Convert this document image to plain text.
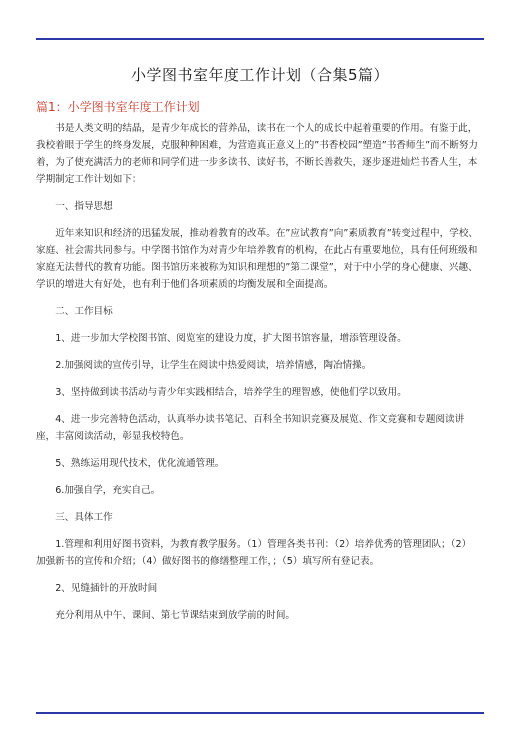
小学图书室年度工作计划（合集5篇）
篇1：小学图书室年度工作计划

书是人类文明的结晶，是青少年成长的营养品，读书在一个人的成长中起着重要的作用。有鉴于此，我校着眼于学生的终身发展，克服种种困难，为营造真正意义上的”书香校园”塑造”书香师生”而不断努力着，为了使充满活力的老师和同学们进一步多读书、读好书，不断长善救失，逐步逐进灿烂书香人生，本学期制定工作计划如下：

一、指导思想

近年来知识和经济的迅猛发展，推动着教育的改革。在”应试教育”向”素质教育”转变过程中，学校、家庭、社会需共同参与。中学图书馆作为对青少年培养教育的机构，在此占有重要地位，具有任何班级和家庭无法替代的教育功能。图书馆历来被称为知识和理想的”第二课堂”，对于中小学的身心健康、兴趣、学识的增进大有好处，也有利于他们各项素质的均衡发展和全面提高。

二、工作目标

1、进一步加大学校图书馆、阅览室的建设力度，扩大图书馆容量，增添管理设备。

2.加强阅读的宣传引导，让学生在阅读中热爱阅读，培养情感，陶冶情操。

3、坚持做到读书活动与青少年实践相结合，培养学生的理智感，使他们学以致用。

4、进一步完善特色活动，认真举办读书笔记、百科全书知识竞赛及展览、作文竞赛和专题阅读讲座，丰富阅读活动，彰显我校特色。

5、熟练运用现代技术，优化流通管理。

6.加强自学，充实自己。

三、具体工作

1.管理和利用好图书资料，为教育教学服务。（1）管理各类书刊：（2）培养优秀的管理团队；（2）加强新书的宣传和介绍；（4）做好图书的修缮整理工作，；（5）填写所有登记表。

2、见缝插针的开放时间

充分利用从中午、课间、第七节课结束到放学前的时间。
